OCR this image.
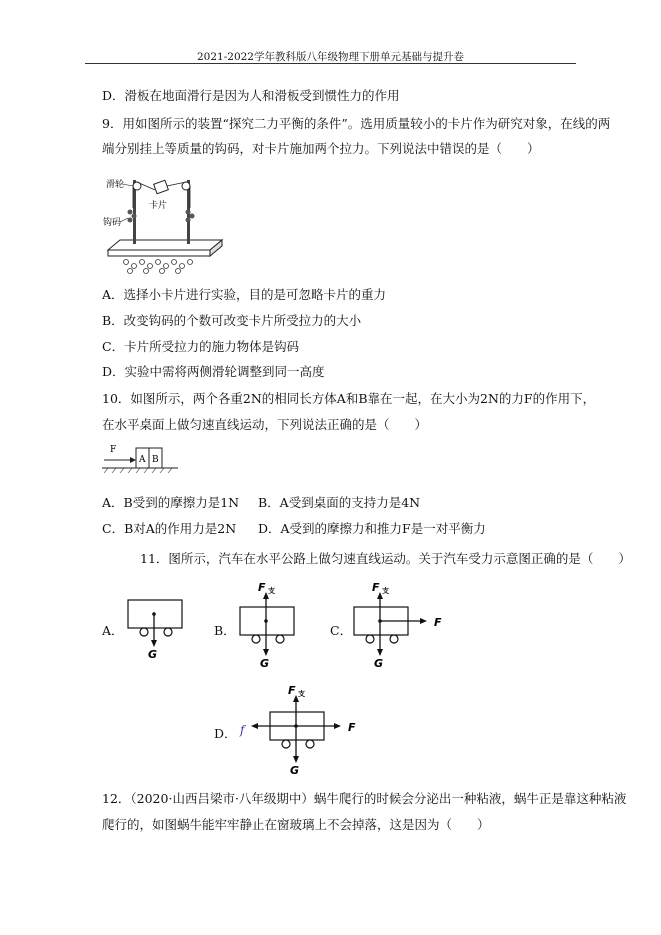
2021-2022学年教科版八年级物理下册单元基础与提升卷
D．滑板在地面滑行是因为人和滑板受到惯性力的作用
9．用如图所示的装置“探究二力平衡的条件”。选用质量较小的卡片作为研究对象，在线的两
端分别挂上等质量的钩码，对卡片施加两个拉力。下列说法中错误的是（　　）
滑轮
卡片
钩码
A．选择小卡片进行实验，目的是可忽略卡片的重力
B．改变钩码的个数可改变卡片所受拉力的大小
C．卡片所受拉力的施力物体是钩码
D．实验中需将两侧滑轮调整到同一高度
10．如图所示，两个各重2N的相同长方体A和B靠在一起，在大小为2N的力F的作用下，
在水平桌面上做匀速直线运动，下列说法正确的是（　　）
F
A B
A．B受到的摩擦力是1N B．A受到桌面的支持力是4N
C．B对A的作用力是2N D．A受到的摩擦力和推力F是一对平衡力
11．图所示，汽车在水平公路上做匀速直线运动。关于汽车受力示意图正确的是（　　）
A．
G
B．
F 支
G
C．
F 支
F
G
D． f
F 支
F
G
12．（2020·山西吕梁市·八年级期中）蜗牛爬行的时候会分泌出一种粘液，蜗牛正是靠这种粘液
爬行的，如图蜗牛能牢牢静止在窗玻璃上不会掉落，这是因为（　　）
